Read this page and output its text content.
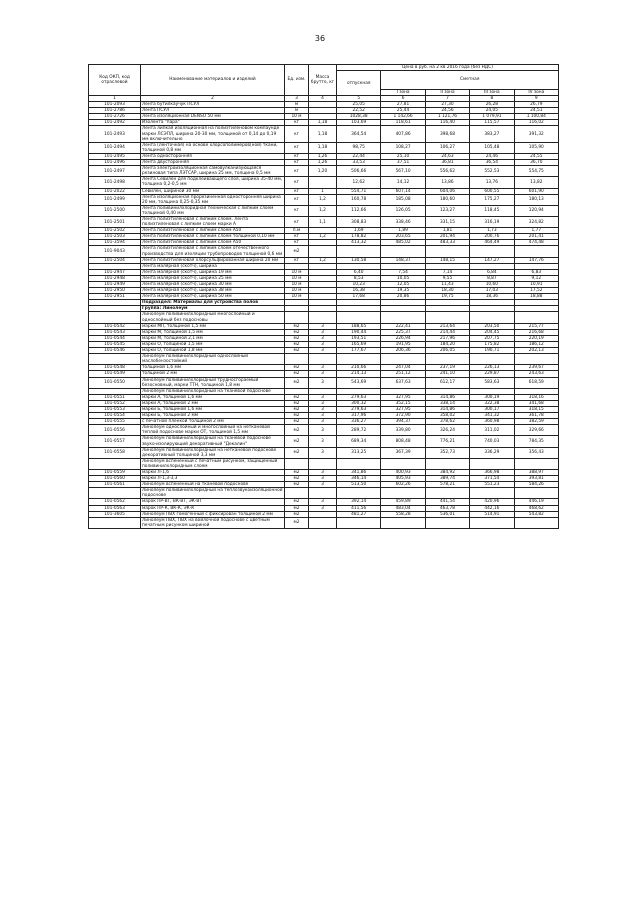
36
Код ОКП, код отраслевой	Наименование материалов и изделий	Ед. изм.	Масса брутто, кг	Цена в руб. на 2 кв 2016 года (без НДС)				
				отпускная	Сметная			
					I зона	II зона	III зона	IV зона
1	2	3	4	5	6	7	8	9
101-2093	Лента бутилкаучук ПСУЛ	м		25,05	27,81	27,30	26,28	26,79
101-2786	Лента ПСУЛ	м		22,52	25,44	24,56	24,05	24,51
101-2726	Лента изоляционная DENSO 50 мм	10 м		1028,38	1 142,66	1 121,76	1 079,91	1 100,84
101-2492	Изолента "пара"	кг	1,18	103,69	118,61	116,40	115,57	116,02
101-2493	Лента липкая изоляционная на полиэтиленовом компаунде марки ЛСЭПЛ, ширина 20-30 мм, толщиной от 0,14 до 0,19 мм включительно	кг	1,18	364,54	407,86	398,68	383,27	391,32
101-2494	Лента (ленточная) на основе хлорсополимеров(ной) ткани, толщиной 0,8 мм	кг	1,18	98,75	108,27	106,27	105,48	105,90
101-2495	Лента односторонняя	кг	1,26	22,44	25,10	24,63	24,46	24,55
101-2496	Лента двусторонняя	кг	1,26	33,53	37,51	36,81	36,54	36,70
101-2497	Лента электроизоляционная самовулканизующаяся резиновая типа ЛЭТСАР, ширина 25 мм, толщина 0,5 мм	кг	1,20	506,66	567,10	556,62	552,53	554,75
101-2498	Лента Севилен для подклеивающего слоя, ширина 35-40 мм, толщина 0,2-0,5 мм	кг		12,62	14,12	13,86	13,76	13,82
101-2022	Севилен, шириной 30 мм	кг	1	554,71	607,14	604,06	600,55	601,90
101-2499	Лента изоляционная прорезиненная односторонняя ширина 20 мм, толщина 0,25-0,35 мм	кг	1,2	160,78	185,08	180,60	175,27	180,13
101-2500	Лента поливинилхлоридная техническая с липким слоем толщиной 0,40 мм	кг	1,2	112,66	126,05	123,27	118,45	120,94
101-2501	Лента полиэтиленовая с липким слоем. Лента полиэтиленовая с липким слоем марки А	кг	1,1	308,83	338,46	331,15	316,19	324,82
101-2502	Лента полиэтиленовая с липким слоем А50	п.м		1,69	1,89	1,81	1,73	1,77
101-2503	Лента полиэтиленовая с липким слоем толщиной 0,10 мм	кг	1,2	178,82	203,65	201,94	200,76	201,41
101-3594	Лента полиэтиленовая с липким слоем А50	кг		413,32	485,02	483,33	464,49	474,48
101-9043	Лента полиэтиленовая с липким слоем отечественного производства для изоляции трубопроводов толщиной 0,6 мм	м2						
101-2504	Лента полиэтиленовая хлорсульфированная ширина 20 мм	кг	1,2	130,58	148,37	148,15	147,27	147,76
	Лента малярная (скотч), ширина							
101-2947	Лента малярная (скотч), ширина 19 мм	10 м		6,40	7,54	7,14	6,84	6,83
101-2948	Лента малярная (скотч), ширина 25 мм	10 м		8,53	10,05	9,55	8,87	9,12
101-2949	Лента малярная (скотч), ширина 30 мм	10 м		10,23	12,05	11,43	10,60	10,91
101-2950	Лента малярная (скотч), ширина 38 мм	10 м		16,38	19,35	18,30	17,03	17,52
101-2951	Лента малярная (скотч), ширина 50 мм	10 м		17,68	20,86	19,75	18,36	18,88
	Подраздел: Материалы для устройства полов							
	Группа: Линолеум							
	Линолеум поливинилхлоридный многослойный и однослойный без подосновы							
101-0542	марки МП, толщиной 1,5 мм	м2	3	188,65	222,41	213,64	203,50	215,77
101-0543	марки М, толщиной 1,5 мм	м2	3	190,44	225,37	214,44	204,45	216,68
101-0544	марки М, толщиной 2,1 мм	м2	3	193,51	226,94	217,96	207,75	220,19
101-0545	марки О, толщиной 1,5 мм	м2	3	165,69	191,95	184,20	175,82	186,12
101-0546	марки О, толщиной 1,8 мм	м2	3	177,67	206,36	206,05	190,71	202,13
	Линолеум поливинилхлоридный однослойный маслобензостойкий							
101-0548	толщиной 1,6 мм	м2	3	210,66	247,04	237,19	226,13	239,67
101-0549	толщиной 2 мм	м2	3	214,13	251,12	241,10	229,87	243,63
101-0550	Линолеум поливинилхлоридный трудносгораемый безосновный, марки ТТН, толщиной 1,8 мм	м2	3	543,69	637,63	612,17	583,63	618,59
	Линолеум поливинилхлоридный на тканевой подоснове							
101-0551	марки А, толщиной 1,6 мм	м2	3	279,63	327,95	314,86	300,19	318,16
101-0552	марки А, толщиной 2 мм	м2	3	300,32	352,15	338,14	322,38	341,68
101-0553	марки Б, толщиной 1,6 мм	м2	3	279,63	327,95	314,86	300,17	318,15
101-0554	марки Б, толщиной 2 мм	м2	3	317,96	372,90	358,02	341,32	361,78
101-0555	с печатной пленкой толщиной 2 мм	м2	3	336,27	394,37	378,62	360,98	382,59
101-0556	Линолеум однослойный и многослойный на нетканевой теплой подоснове марки ОТ, толщиной 1,5 мм	м2	3	289,72	339,80	326,24	311,02	329,66
101-0557	Линолеум поливинилхлоридный на тканевой подоснове звуко-изолирующий декоративный "Декалин"	м2	3	689,34	808,48	776,21	740,03	784,35
101-0558	Линолеум поливинилхлоридный на нетканевой подоснове декоративный толщиной 3,3 мм	м2	3	313,25	367,39	352,73	336,29	356,43
	Линолеум вспененный с печатным рисунком, защищенный поливинилхлоридным слоем							
101-0559	марки Л-1,6	м2	3	341,86	400,93	384,92	366,98	388,97
101-0560	марки Л-1,3-3,3	м2	3	346,14	405,93	389,74	371,54	393,81
101-0561	Линолеум вспененный на тканевой подоснове	м2	3	513,50	602,26	578,21	551,23	584,26
	Линолеум поливинилхлоридный на теплозвукоизоляционной подоснове							
101-0562	марок ПР-ВТ, ВК-ВТ, ЭК-ВТ	м2	3	392,14	459,89	441,54	420,96	446,19
101-0563	марок ПР-К, ВК-К, ЭК-К	м2	3	411,56	483,04	463,78	442,16	468,62
101-3605	Линолеум ПВХ гомогенный с фиксирован толщиной 2 мм	м2		481,27	558,28	536,01	514,91	543,82
	Линолеум ПВХ, ПВХ на войлочной подоснове с цветным печатным рисунком шириной	м2						
